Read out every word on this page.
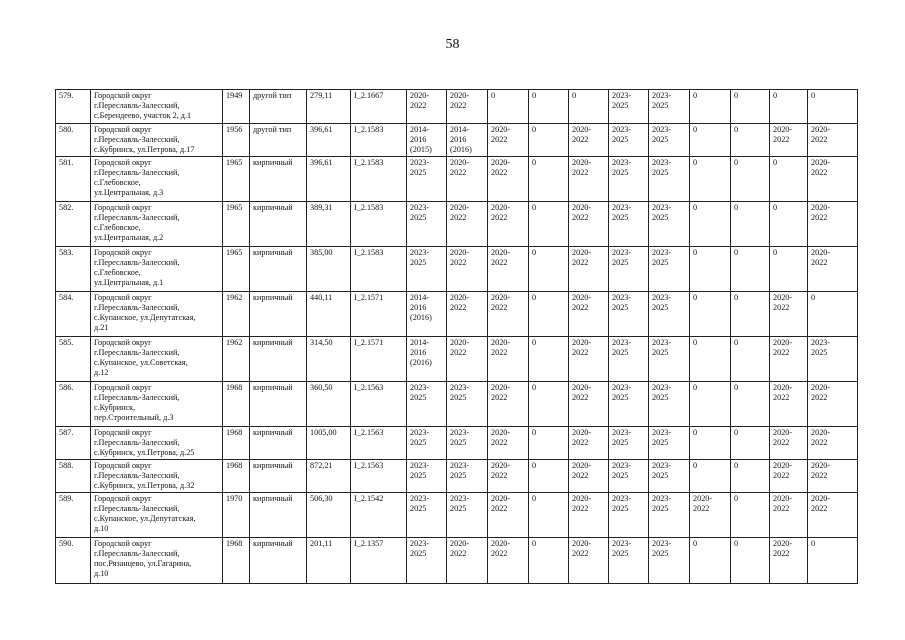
58
579.	Городской округ
г.Переславль-Залесский,
с.Берендеево, участок 2, д.1	1949	другой тип	279,11	I_2.1667	2020-
2022	2020-
2022	0	0	0	2023-
2025	2023-
2025	0	0	0	0

580.	Городской округ
г.Переславль-Залесский,
с.Кубринск, ул.Петрова, д.17	1956	другой тип	396,61	I_2.1583	2014-
2016
(2015)	2014-
2016
(2016)	2020-
2022	0	2020-
2022	2023-
2025	2023-
2025	0	0	2020-
2022	2020-
2022

581.	Городской округ
г.Переславль-Залесский,
с.Глебовское,
ул.Центральная, д.3	1965	кирпичный	396,61	I_2.1583	2023-
2025	2020-
2022	2020-
2022	0	2020-
2022	2023-
2025	2023-
2025	0	0	0	2020-
2022

582.	Городской округ
г.Переславль-Залесский,
с.Глебовское,
ул.Центральная, д.2	1965	кирпичный	389,31	I_2.1583	2023-
2025	2020-
2022	2020-
2022	0	2020-
2022	2023-
2025	2023-
2025	0	0	0	2020-
2022

583.	Городской округ
г.Переславль-Залесский,
с.Глебовское,
ул.Центральная, д.1	1965	кирпичный	385,00	I_2.1583	2023-
2025	2020-
2022	2020-
2022	0	2020-
2022	2023-
2025	2023-
2025	0	0	0	2020-
2022

584.	Городской округ
г.Переславль-Залесский,
с.Купанское, ул.Депутатская,
д.21	1962	кирпичный	440,11	I_2.1571	2014-
2016
(2016)	2020-
2022	2020-
2022	0	2020-
2022	2023-
2025	2023-
2025	0	0	2020-
2022	0

585.	Городской округ
г.Переславль-Залесский,
с.Купанское, ул.Советская,
д.12	1962	кирпичный	314,50	I_2.1571	2014-
2016
(2016)	2020-
2022	2020-
2022	0	2020-
2022	2023-
2025	2023-
2025	0	0	2020-
2022	2023-
2025

586.	Городской округ
г.Переславль-Залесский,
с.Кубринск,
пер.Строительный, д.3	1968	кирпичный	360,50	I_2.1563	2023-
2025	2023-
2025	2020-
2022	0	2020-
2022	2023-
2025	2023-
2025	0	0	2020-
2022	2020-
2022

587.	Городской округ
г.Переславль-Залесский,
с.Кубринск, ул.Петрова, д.25	1968	кирпичный	1005,00	I_2.1563	2023-
2025	2023-
2025	2020-
2022	0	2020-
2022	2023-
2025	2023-
2025	0	0	2020-
2022	2020-
2022

588.	Городской округ
г.Переславль-Залесский,
с.Кубринск, ул.Петрова, д.32	1968	кирпичный	872,21	I_2.1563	2023-
2025	2023-
2025	2020-
2022	0	2020-
2022	2023-
2025	2023-
2025	0	0	2020-
2022	2020-
2022

589.	Городской округ
г.Переславль-Залесский,
с.Купанское, ул.Депутатская,
д.10	1970	кирпичный	506,30	I_2.1542	2023-
2025	2023-
2025	2020-
2022	0	2020-
2022	2023-
2025	2023-
2025	2020-
2022	0	2020-
2022	2020-
2022

590.	Городской округ
г.Переславль-Залесский,
пос.Рязанцево, ул.Гагарина,
д.10	1968	кирпичный	201,11	I_2.1357	2023-
2025	2020-
2022	2020-
2022	0	2020-
2022	2023-
2025	2023-
2025	0	0	2020-
2022	0
